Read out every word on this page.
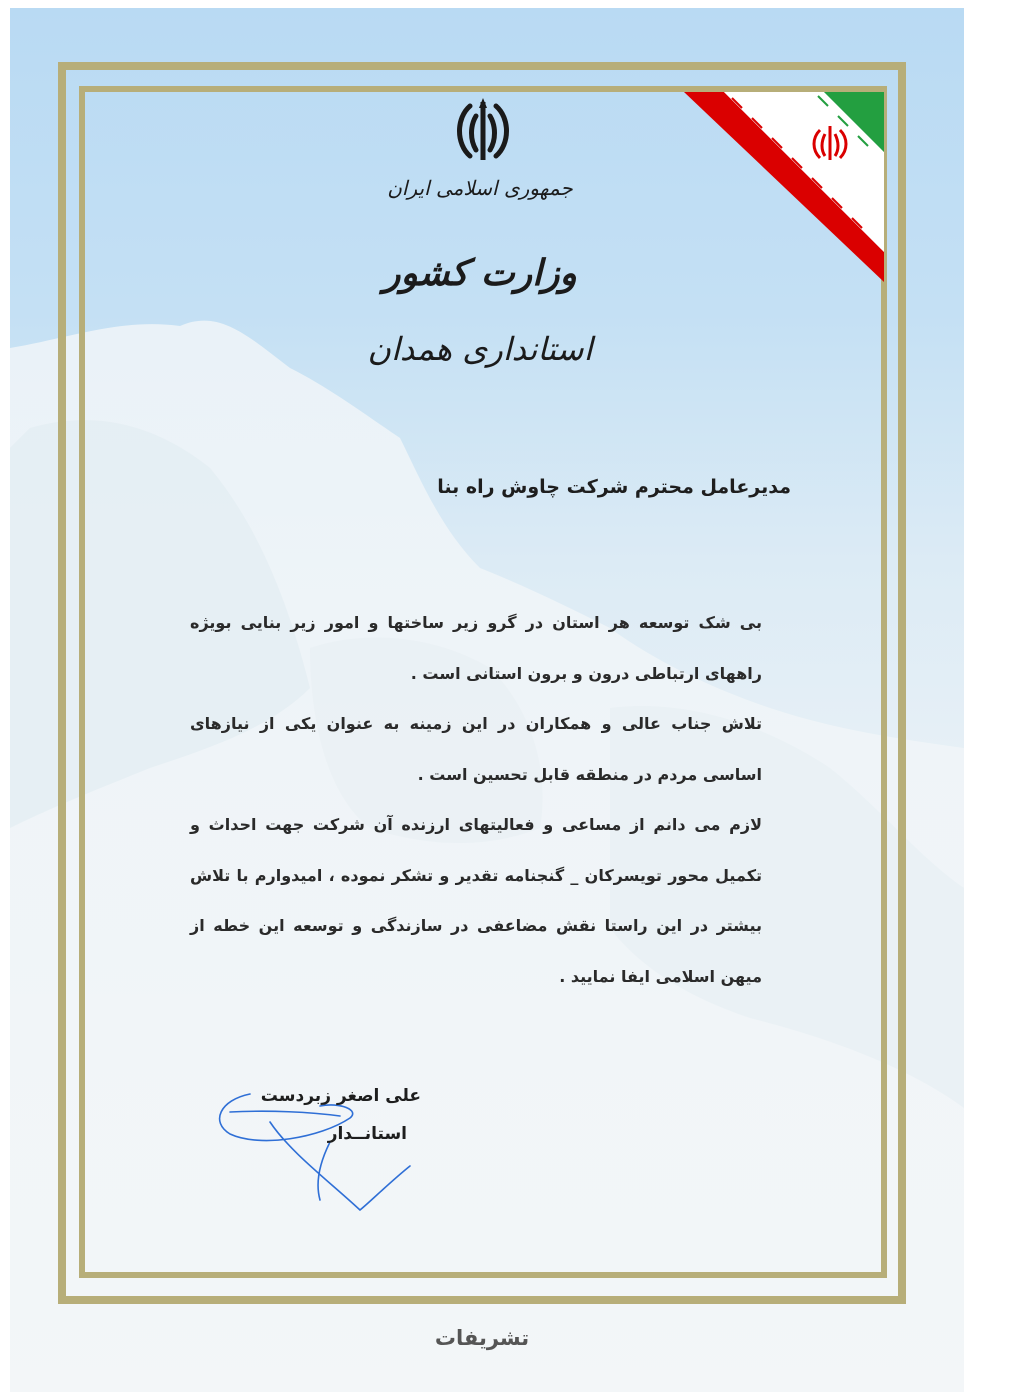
جمهوری اسلامی ایران
وزارت کشور
استانداری همدان
مدیرعامل محترم شرکت چاوش راه بنا

بی شک توسعه هر استان در گرو زیر ساختها و امور زیر بنایی بویژه راههای ارتباطی درون و برون استانی است .

تلاش جناب عالی و همکاران در این زمینه به عنوان یکی از نیازهای اساسی مردم در منطقه قابل تحسین است .

لازم می دانم از مساعی و فعالیتهای ارزنده آن شرکت جهت احداث و تکمیل محور تویسرکان _ گنجنامه تقدیر و تشکر نموده ، امیدوارم با تلاش بیشتر در این راستا نقش مضاعفی در سازندگی و توسعه این خطه از میهن اسلامی ایفا نمایید .

علی اصغر زبردست
استانــدار
تشریفات
